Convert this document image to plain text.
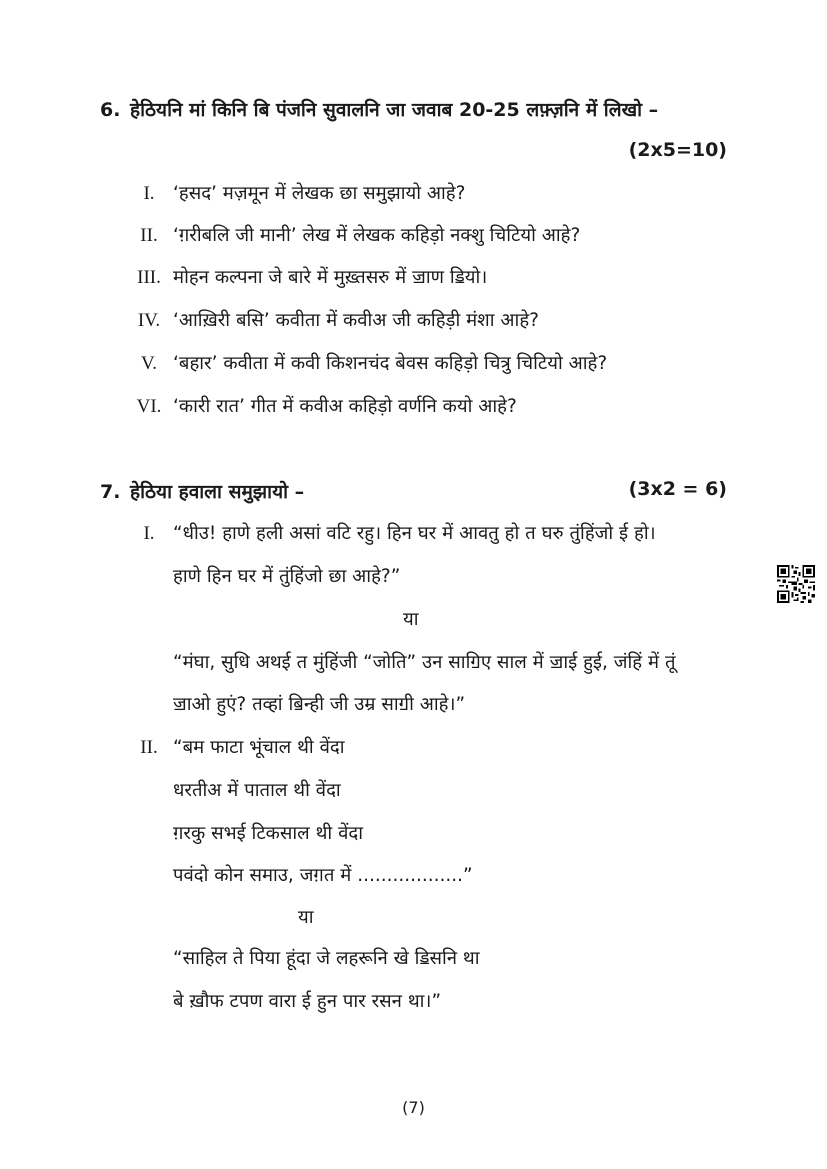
6. हेठियनि मां किनि बि पंजनि सुवालनि जा जवाब 20-25 लफ़्ज़नि में लिखो –
(2x5=10)
I. ‘हसद’ मज़मून में लेखक छा समुझायो आहे?
II. ‘ग़रीबलि जी मानी’ लेख में लेखक कहिड़ो नक्शु चिटियो आहे?
III. मोहन कल्पना जे बारे में मुख़्तसरु में ॼाण ॾियो।
IV. ‘आख़िरी बसि’ कवीता में कवीअ जी कहिड़ी मंशा आहे?
V. ‘बहार’ कवीता में कवी किशनचंद बेवस कहिड़ो चित्रु चिटियो आहे?
VI. ‘कारी रात’ गीत में कवीअ कहिड़ो वर्णनि कयो आहे?
7. हेठिया हवाला समुझायो –	(3x2 = 6)
I. “धीउ! हाणे हली असां वटि रहु। हिन घर में आवतु हो त घरु तुंहिंजो ई हो।
हाणे हिन घर में तुंहिंजो छा आहे?”
या
“मंघा, सुधि अथई त मुंहिंजी “जोति” उन साॻिए साल में ॼाई हुई, जंहिं में तूं
ॼाओ हुएं? तव्हां ॿिन्ही जी उम्र साॻी आहे।”
II. “बम फाटा भूंचाल थी वेंदा
धरतीअ में पाताल थी वेंदा
ग़रकु सभई टिकसाल थी वेंदा
पवंदो कोन समाउ, जग़त में ..................”
या
“साहिल ते पिया हूंदा जे लहरूनि खे ॾिसनि था
बे ख़ौफ टपण वारा ई हुन पार रसन था।”
(7)
